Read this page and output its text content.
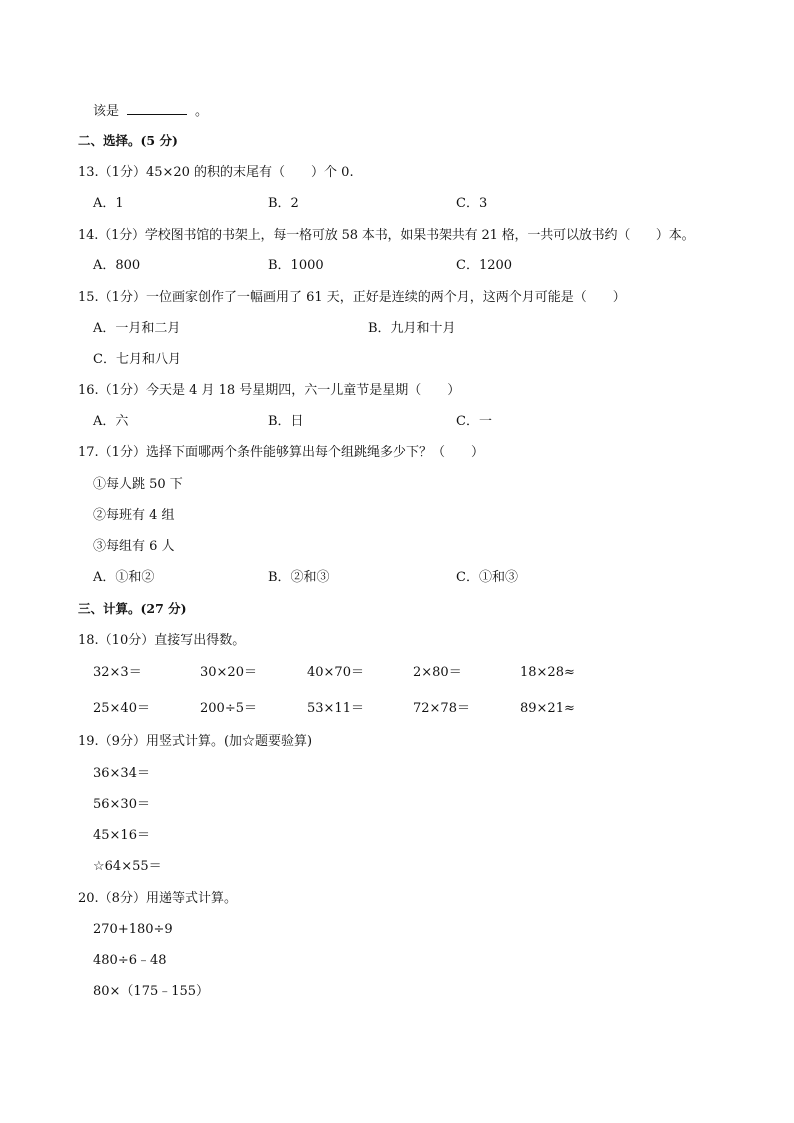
该是	。
二、选择。(5 分)
13.（1分）45×20 的积的末尾有（　　）个 0.
A．1	B．2	C．3
14.（1分）学校图书馆的书架上，每一格可放 58 本书，如果书架共有 21 格，一共可以放书约（　　）本。
A．800	B．1000	C．1200
15.（1分）一位画家创作了一幅画用了 61 天，正好是连续的两个月，这两个月可能是（　　）
A．一月和二月	B．九月和十月
C．七月和八月
16.（1分）今天是 4 月 18 号星期四，六一儿童节是星期（　　）
A．六	B．日	C．一
17.（1分）选择下面哪两个条件能够算出每个组跳绳多少下？（　　）
①每人跳 50 下
②每班有 4 组
③每组有 6 人
A．①和②	B．②和③	C．①和③
三、计算。(27 分)
18.（10分）直接写出得数。
32×3＝	30×20＝	40×70＝	2×80＝	18×28≈
25×40＝	200÷5＝	53×11＝	72×78＝	89×21≈
19.（9分）用竖式计算。(加☆题要验算)
36×34＝
56×30＝
45×16＝
☆64×55＝
20.（8分）用递等式计算。
270+180÷9
480÷6﹣48
80×（175﹣155）
